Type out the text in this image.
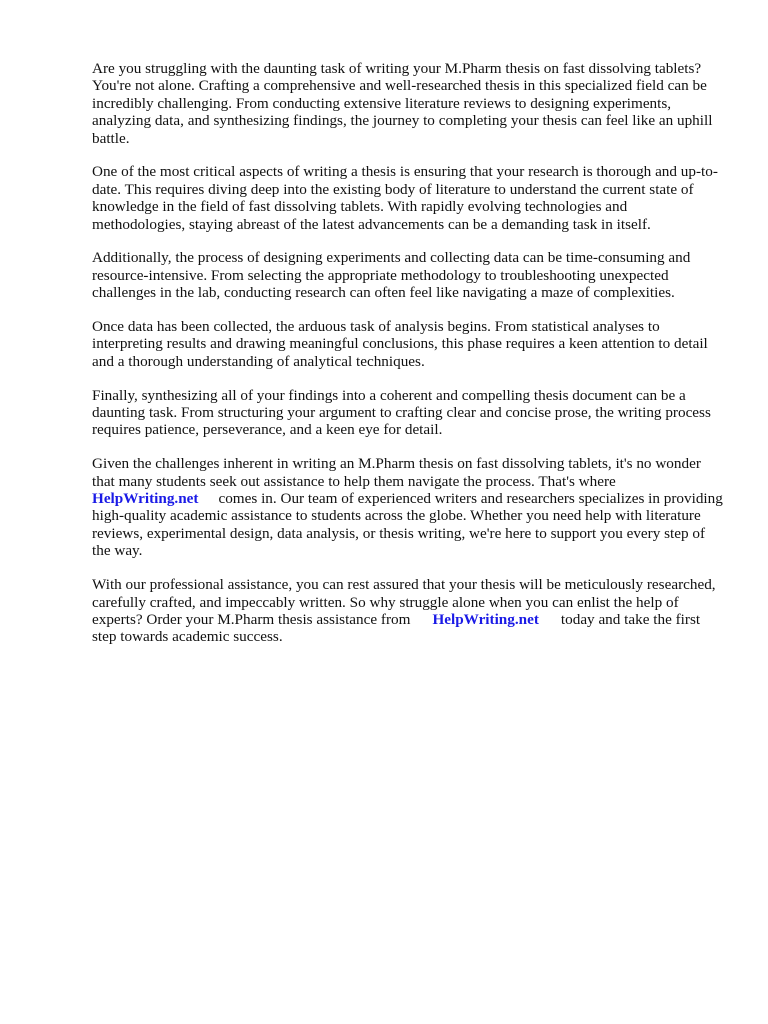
Are you struggling with the daunting task of writing your M.Pharm thesis on fast dissolving tablets? You're not alone. Crafting a comprehensive and well-researched thesis in this specialized field can be incredibly challenging. From conducting extensive literature reviews to designing experiments, analyzing data, and synthesizing findings, the journey to completing your thesis can feel like an uphill battle.

One of the most critical aspects of writing a thesis is ensuring that your research is thorough and up-to-date. This requires diving deep into the existing body of literature to understand the current state of knowledge in the field of fast dissolving tablets. With rapidly evolving technologies and methodologies, staying abreast of the latest advancements can be a demanding task in itself.

Additionally, the process of designing experiments and collecting data can be time-consuming and resource-intensive. From selecting the appropriate methodology to troubleshooting unexpected challenges in the lab, conducting research can often feel like navigating a maze of complexities.

Once data has been collected, the arduous task of analysis begins. From statistical analyses to interpreting results and drawing meaningful conclusions, this phase requires a keen attention to detail and a thorough understanding of analytical techniques.

Finally, synthesizing all of your findings into a coherent and compelling thesis document can be a daunting task. From structuring your argument to crafting clear and concise prose, the writing process requires patience, perseverance, and a keen eye for detail.

Given the challenges inherent in writing an M.Pharm thesis on fast dissolving tablets, it's no wonder that many students seek out assistance to help them navigate the process. That's where
HelpWriting.net comes in. Our team of experienced writers and researchers specializes in providing high-quality academic assistance to students across the globe. Whether you need help with literature reviews, experimental design, data analysis, or thesis writing, we're here to support you every step of the way.

With our professional assistance, you can rest assured that your thesis will be meticulously researched, carefully crafted, and impeccably written. So why struggle alone when you can enlist the help of experts? Order your M.Pharm thesis assistance from HelpWriting.net today and take the first step towards academic success.
